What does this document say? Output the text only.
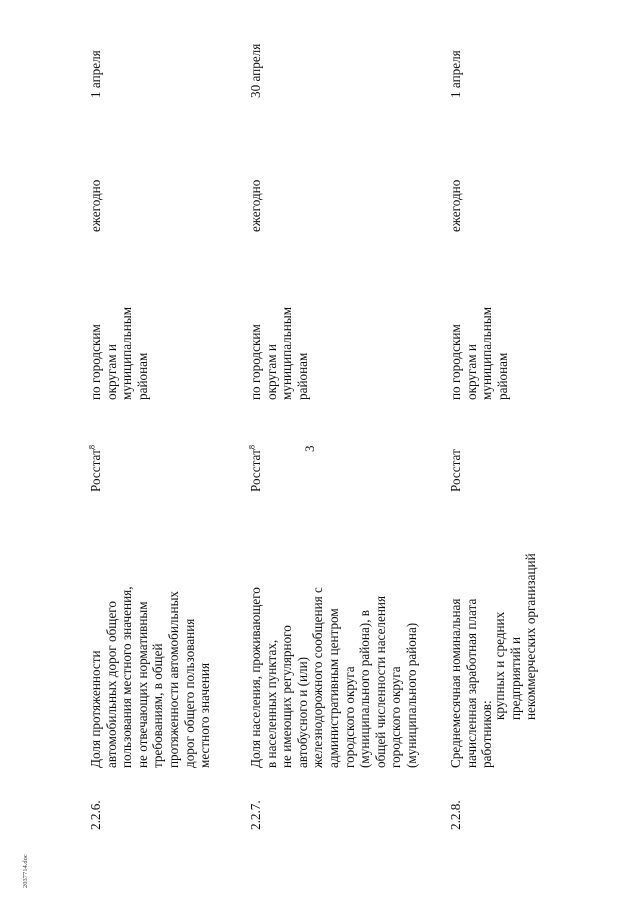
3
2.2.6.
Доля протяженности автомобильных дорог общего пользования местного значения, не отвечающих нормативным требованиям, в общей протяженности автомобильных дорог общего пользования местного значения
Росстат$^8$
по городским округам и муниципальным районам
ежегодно
1 апреля
2.2.7.
Доля населения, проживающего в населенных пунктах, не имеющих регулярного автобусного и (или) железнодорожного сообщения с административным центром городского округа (муниципального района), в общей численности населения городского округа (муниципального района)
Росстат$^8$
по городским округам и муниципальным районам
ежегодно
30 апреля
2.2.8.
Среднемесячная номинальная начисленная заработная плата работников:
крупных и средних предприятий и некоммерческих организаций
Росстат
по городским округам и муниципальным районам
ежегодно
1 апреля
2037714.doc
